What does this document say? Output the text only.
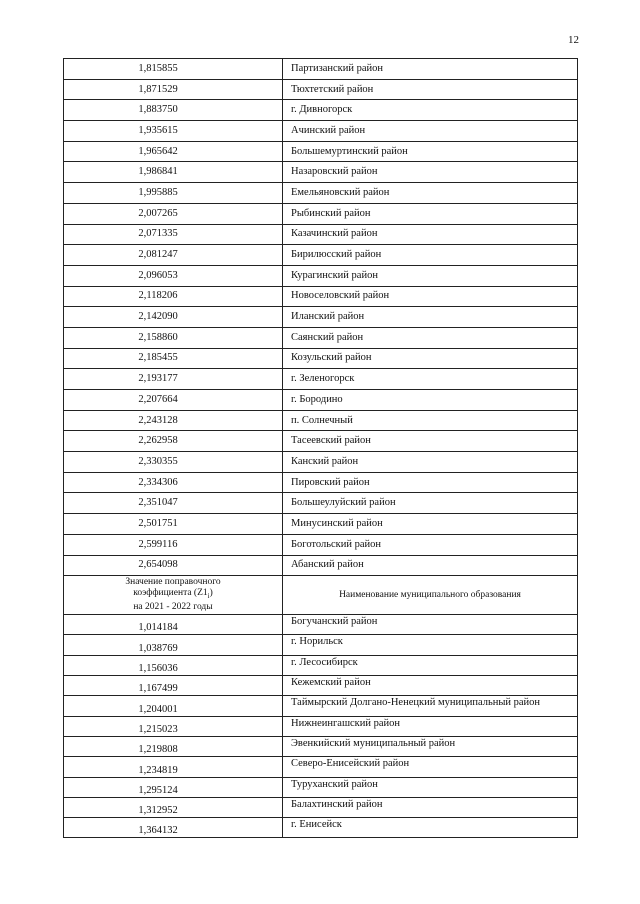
12
1,815855	Партизанский район
1,871529	Тюхтетский район
1,883750	г. Дивногорск
1,935615	Ачинский район
1,965642	Большемуртинский район
1,986841	Назаровский район
1,995885	Емельяновский район
2,007265	Рыбинский район
2,071335	Казачинский район
2,081247	Бирилюсский район
2,096053	Курагинский район
2,118206	Новоселовский район
2,142090	Иланский район
2,158860	Саянский район
2,185455	Козульский район
2,193177	г. Зеленогорск
2,207664	г. Бородино
2,243128	п. Солнечный
2,262958	Тасеевский район
2,330355	Канский район
2,334306	Пировский район
2,351047	Большеулуйский район
2,501751	Минусинский район
2,599116	Боготольский район
2,654098	Абанский район
Значение поправочного
коэффициента $(Z1_i)$
на 2021 - 2022 годы	Наименование муниципального образования
1,014184	Богучанский район
1,038769	г. Норильск
1,156036	г. Лесосибирск
1,167499	Кежемский район
1,204001	Таймырский Долгано-Ненецкий муниципальный район
1,215023	Нижнеингашский район
1,219808	Эвенкийский муниципальный район
1,234819	Северо-Енисейский район
1,295124	Туруханский район
1,312952	Балахтинский район
1,364132	г. Енисейск
